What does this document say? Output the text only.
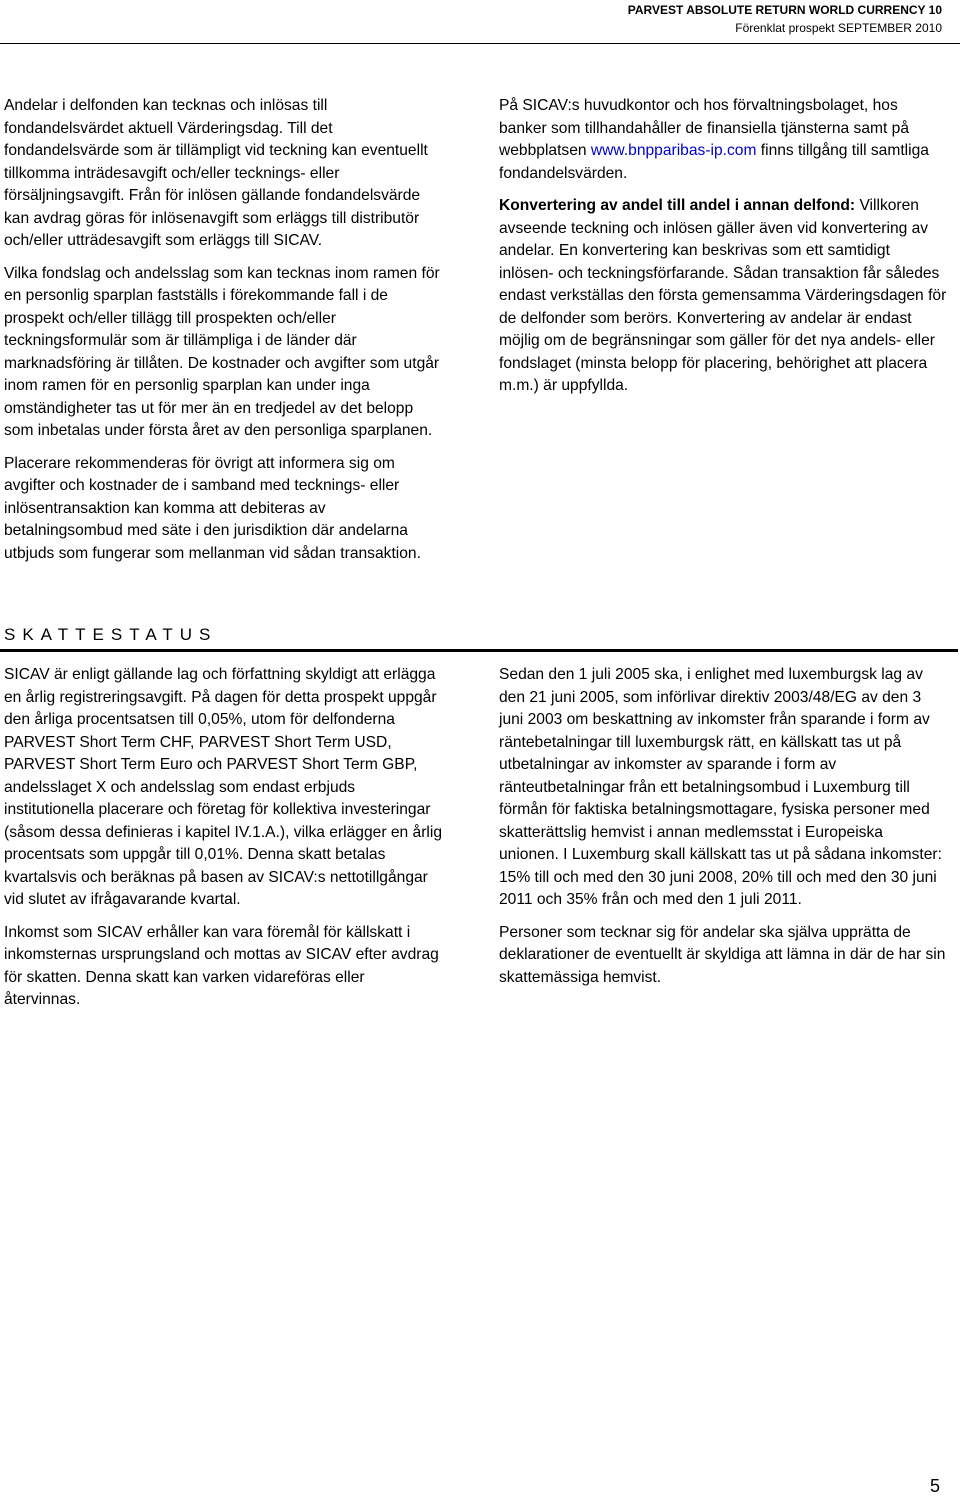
PARVEST ABSOLUTE RETURN WORLD CURRENCY 10
Förenklat prospekt SEPTEMBER 2010

Andelar i delfonden kan tecknas och inlösas till fondandelsvärdet aktuell Värderingsdag. Till det fondandelsvärde som är tillämpligt vid teckning kan eventuellt tillkomma inträdesavgift och/eller tecknings- eller försäljningsavgift. Från för inlösen gällande fondandelsvärde kan avdrag göras för inlösenavgift som erläggs till distributör och/eller utträdesavgift som erläggs till SICAV.

Vilka fondslag och andelsslag som kan tecknas inom ramen för en personlig sparplan fastställs i förekommande fall i de prospekt och/eller tillägg till prospekten och/eller teckningsformulär som är tillämpliga i de länder där marknadsföring är tillåten. De kostnader och avgifter som utgår inom ramen för en personlig sparplan kan under inga omständigheter tas ut för mer än en tredjedel av det belopp som inbetalas under första året av den personliga sparplanen.

Placerare rekommenderas för övrigt att informera sig om avgifter och kostnader de i samband med tecknings- eller inlösentransaktion kan komma att debiteras av betalningsombud med säte i den jurisdiktion där andelarna utbjuds som fungerar som mellanman vid sådan transaktion.

På SICAV:s huvudkontor och hos förvaltningsbolaget, hos banker som tillhandahåller de finansiella tjänsterna samt på webbplatsen www.bnpparibas-ip.com finns tillgång till samtliga fondandelsvärden.

Konvertering av andel till andel i annan delfond: Villkoren avseende teckning och inlösen gäller även vid konvertering av andelar. En konvertering kan beskrivas som ett samtidigt inlösen- och teckningsförfarande. Sådan transaktion får således endast verkställas den första gemensamma Värderingsdagen för de delfonder som berörs. Konvertering av andelar är endast möjlig om de begränsningar som gäller för det nya andels- eller fondslaget (minsta belopp för placering, behörighet att placera m.m.) är uppfyllda.

SKATTESTATUS

SICAV är enligt gällande lag och författning skyldigt att erlägga en årlig registreringsavgift. På dagen för detta prospekt uppgår den årliga procentsatsen till 0,05%, utom för delfonderna PARVEST Short Term CHF, PARVEST Short Term USD, PARVEST Short Term Euro och PARVEST Short Term GBP, andelsslaget X och andelsslag som endast erbjuds institutionella placerare och företag för kollektiva investeringar (såsom dessa definieras i kapitel IV.1.A.), vilka erlägger en årlig procentsats som uppgår till 0,01%. Denna skatt betalas kvartalsvis och beräknas på basen av SICAV:s nettotillgångar vid slutet av ifrågavarande kvartal.

Inkomst som SICAV erhåller kan vara föremål för källskatt i inkomsternas ursprungsland och mottas av SICAV efter avdrag för skatten. Denna skatt kan varken vidareföras eller återvinnas.

Sedan den 1 juli 2005 ska, i enlighet med luxemburgsk lag av den 21 juni 2005, som införlivar direktiv 2003/48/EG av den 3 juni 2003 om beskattning av inkomster från sparande i form av räntebetalningar till luxemburgsk rätt, en källskatt tas ut på utbetalningar av inkomster av sparande i form av ränteutbetalningar från ett betalningsombud i Luxemburg till förmån för faktiska betalningsmottagare, fysiska personer med skatterättslig hemvist i annan medlemsstat i Europeiska unionen. I Luxemburg skall källskatt tas ut på sådana inkomster: 15% till och med den 30 juni 2008, 20% till och med den 30 juni 2011 och 35% från och med den 1 juli 2011.

Personer som tecknar sig för andelar ska själva upprätta de deklarationer de eventuellt är skyldiga att lämna in där de har sin skattemässiga hemvist.

5
